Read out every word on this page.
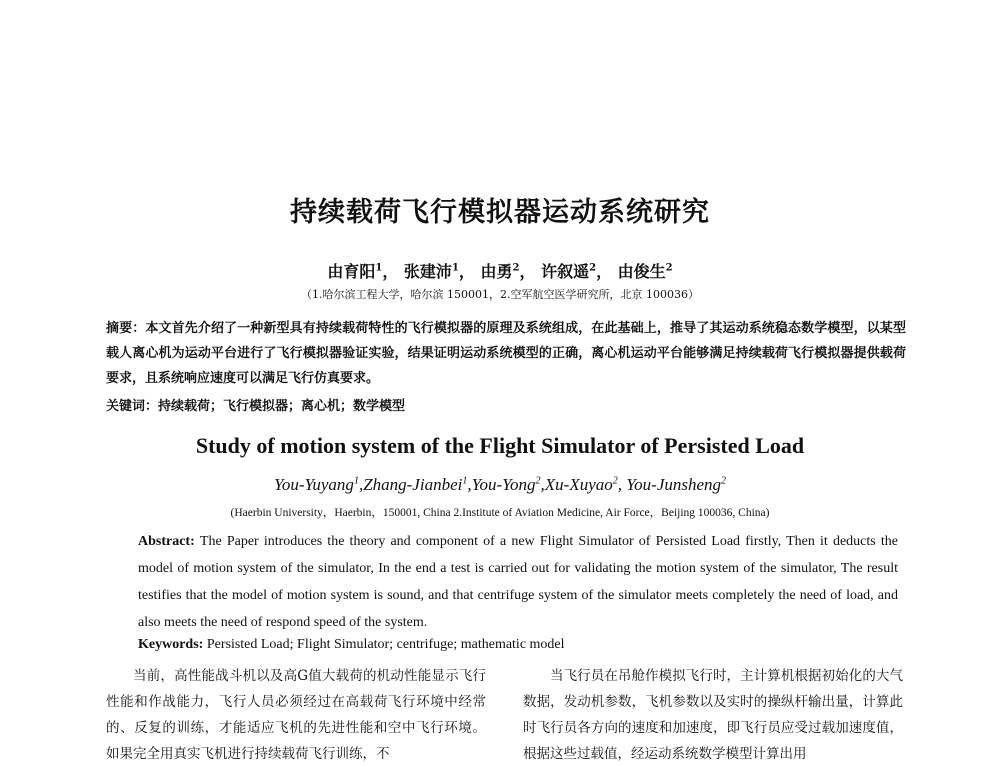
持续载荷飞行模拟器运动系统研究
由育阳$^1$， 张建沛$^1$， 由勇$^2$， 许叙遥$^2$， 由俊生$^2$
（1.哈尔滨工程大学，哈尔滨 150001，2.空军航空医学研究所，北京 100036）
摘要：本文首先介绍了一种新型具有持续载荷特性的飞行模拟器的原理及系统组成，在此基础上，推导了其运动系统稳态数学模型，以某型载人离心机为运动平台进行了飞行模拟器验证实验，结果证明运动系统模型的正确，离心机运动平台能够满足持续载荷飞行模拟器提供载荷要求，且系统响应速度可以满足飞行仿真要求。
关键词：持续载荷；飞行模拟器；离心机；数学模型
Study of motion system of the Flight Simulator of Persisted Load
You-Yuyang$^1$,Zhang-Jianbei$^1$,You-Yong$^2$,Xu-Xuyao$^2$, You-Junsheng$^2$
(Haerbin University，Haerbin，150001, China 2.Institute of Aviation Medicine, Air Force，Beijing 100036, China)
Abstract: The Paper introduces the theory and component of a new Flight Simulator of Persisted Load firstly, Then it deducts the model of motion system of the simulator, In the end a test is carried out for validating the motion system of the simulator, The result testifies that the model of motion system is sound, and that centrifuge system of the simulator meets completely the need of load, and also meets the need of respond speed of the system.
Keywords: Persisted Load; Flight Simulator; centrifuge; mathematic model
当前，高性能战斗机以及高G值大载荷的机动性能显示飞行性能和作战能力，飞行人员必须经过在高载荷飞行环境中经常的、反复的训练，才能适应飞机的先进性能和空中飞行环境。 如果完全用真实飞机进行持续载荷飞行训练，不
当飞行员在吊舱作模拟飞行时，主计算机根据初始化的大气数据，发动机参数，飞机参数以及实时的操纵杆输出量，计算此时飞行员各方向的速度和加速度，即飞行员应受过载加速度值，根据这些过载值，经运动系统数学模型计算出用
